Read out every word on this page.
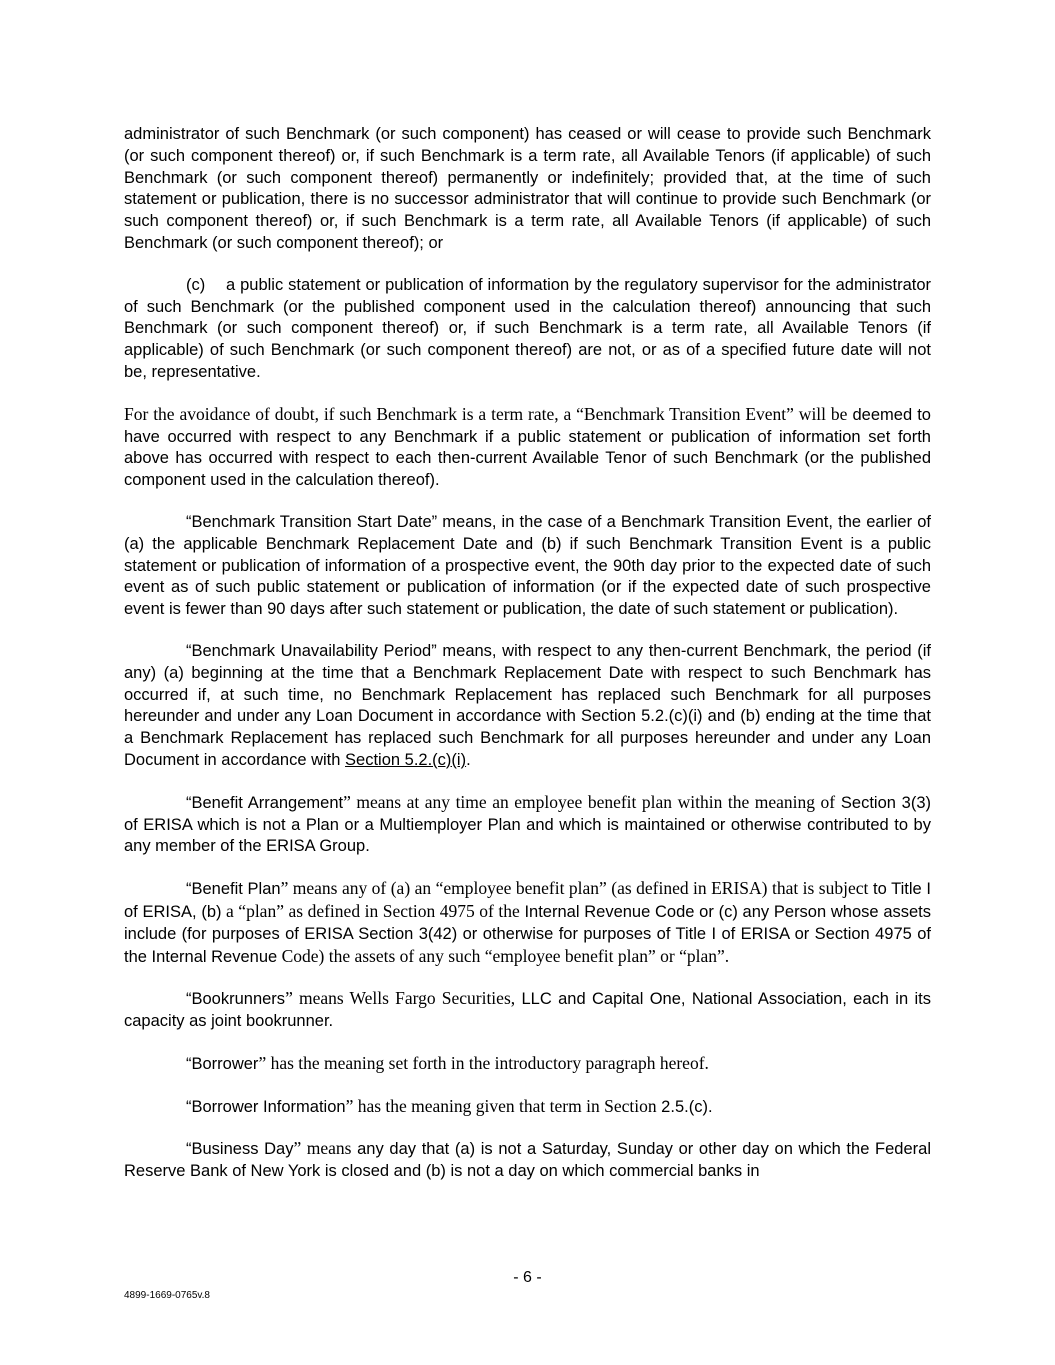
administrator of such Benchmark (or such component) has ceased or will cease to provide such Benchmark (or such component thereof) or, if such Benchmark is a term rate, all Available Tenors (if applicable) of such Benchmark (or such component thereof) permanently or indefinitely; provided that, at the time of such statement or publication, there is no successor administrator that will continue to provide such Benchmark (or such component thereof) or, if such Benchmark is a term rate, all Available Tenors (if applicable) of such Benchmark (or such component thereof); or

(c) a public statement or publication of information by the regulatory supervisor for the administrator of such Benchmark (or the published component used in the calculation thereof) announcing that such Benchmark (or such component thereof) or, if such Benchmark is a term rate, all Available Tenors (if applicable) of such Benchmark (or such component thereof) are not, or as of a specified future date will not be, representative.

For the avoidance of doubt, if such Benchmark is a term rate, a “Benchmark Transition Event” will be deemed to have occurred with respect to any Benchmark if a public statement or publication of information set forth above has occurred with respect to each then-current Available Tenor of such Benchmark (or the published component used in the calculation thereof).

“Benchmark Transition Start Date” means, in the case of a Benchmark Transition Event, the earlier of (a) the applicable Benchmark Replacement Date and (b) if such Benchmark Transition Event is a public statement or publication of information of a prospective event, the 90th day prior to the expected date of such event as of such public statement or publication of information (or if the expected date of such prospective event is fewer than 90 days after such statement or publication, the date of such statement or publication).

“Benchmark Unavailability Period” means, with respect to any then-current Benchmark, the period (if any) (a) beginning at the time that a Benchmark Replacement Date with respect to such Benchmark has occurred if, at such time, no Benchmark Replacement has replaced such Benchmark for all purposes hereunder and under any Loan Document in accordance with Section 5.2.(c)(i) and (b) ending at the time that a Benchmark Replacement has replaced such Benchmark for all purposes hereunder and under any Loan Document in accordance with Section 5.2.(c)(i).

“Benefit Arrangement” means at any time an employee benefit plan within the meaning of Section 3(3) of ERISA which is not a Plan or a Multiemployer Plan and which is maintained or otherwise contributed to by any member of the ERISA Group.

“Benefit Plan” means any of (a) an “employee benefit plan” (as defined in ERISA) that is subject to Title I of ERISA, (b) a “plan” as defined in Section 4975 of the Internal Revenue Code or (c) any Person whose assets include (for purposes of ERISA Section 3(42) or otherwise for purposes of Title I of ERISA or Section 4975 of the Internal Revenue Code) the assets of any such “employee benefit plan” or “plan”.

“Bookrunners” means Wells Fargo Securities, LLC and Capital One, National Association, each in its capacity as joint bookrunner.

“Borrower” has the meaning set forth in the introductory paragraph hereof.

“Borrower Information” has the meaning given that term in Section 2.5.(c).

“Business Day” means any day that (a) is not a Saturday, Sunday or other day on which the Federal Reserve Bank of New York is closed and (b) is not a day on which commercial banks in

- 6 -
4899-1669-0765v.8
